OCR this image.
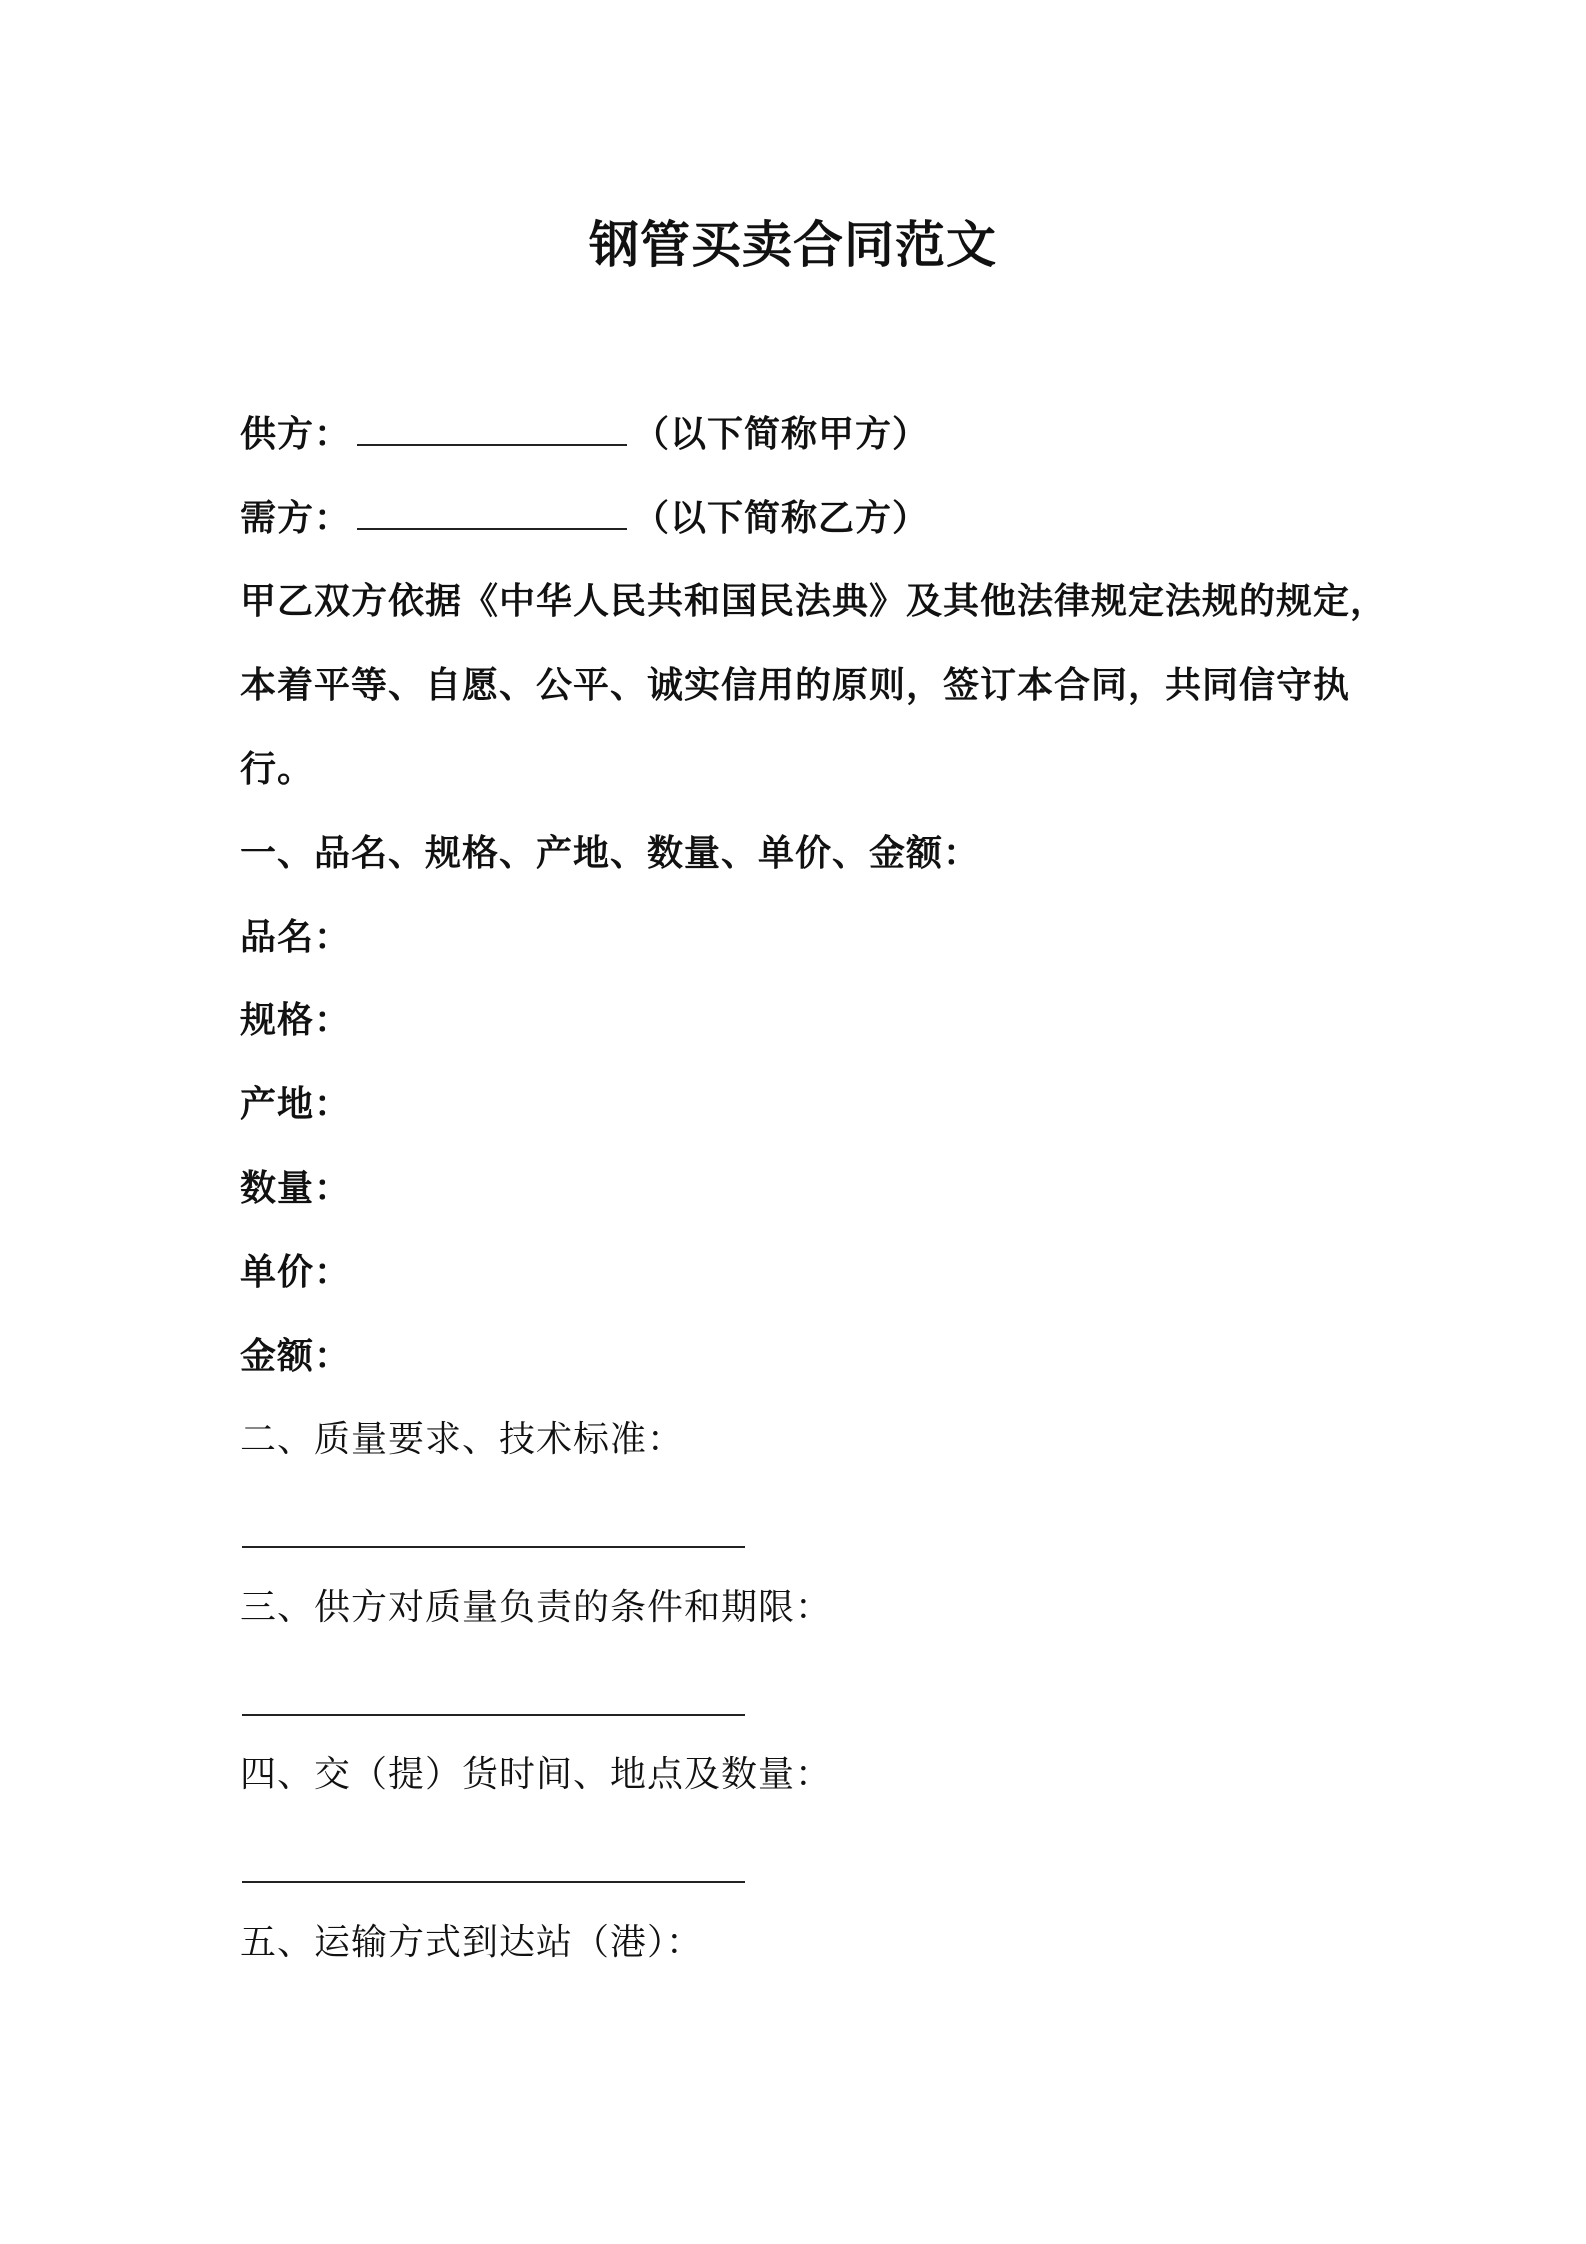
钢管买卖合同范文
供方：	（以下简称甲方）
需方：	（以下简称乙方）
甲乙双方依据《中华人民共和国民法典》及其他法律规定法规的规定，
本着平等、自愿、公平、诚实信用的原则，签订本合同，共同信守执
行。
一、品名、规格、产地、数量、单价、金额：
品名：
规格：
产地：
数量：
单价：
金额：
二、质量要求、技术标准：
三、供方对质量负责的条件和期限：
四、交（提）货时间、地点及数量：
五、运输方式到达站（港）：
